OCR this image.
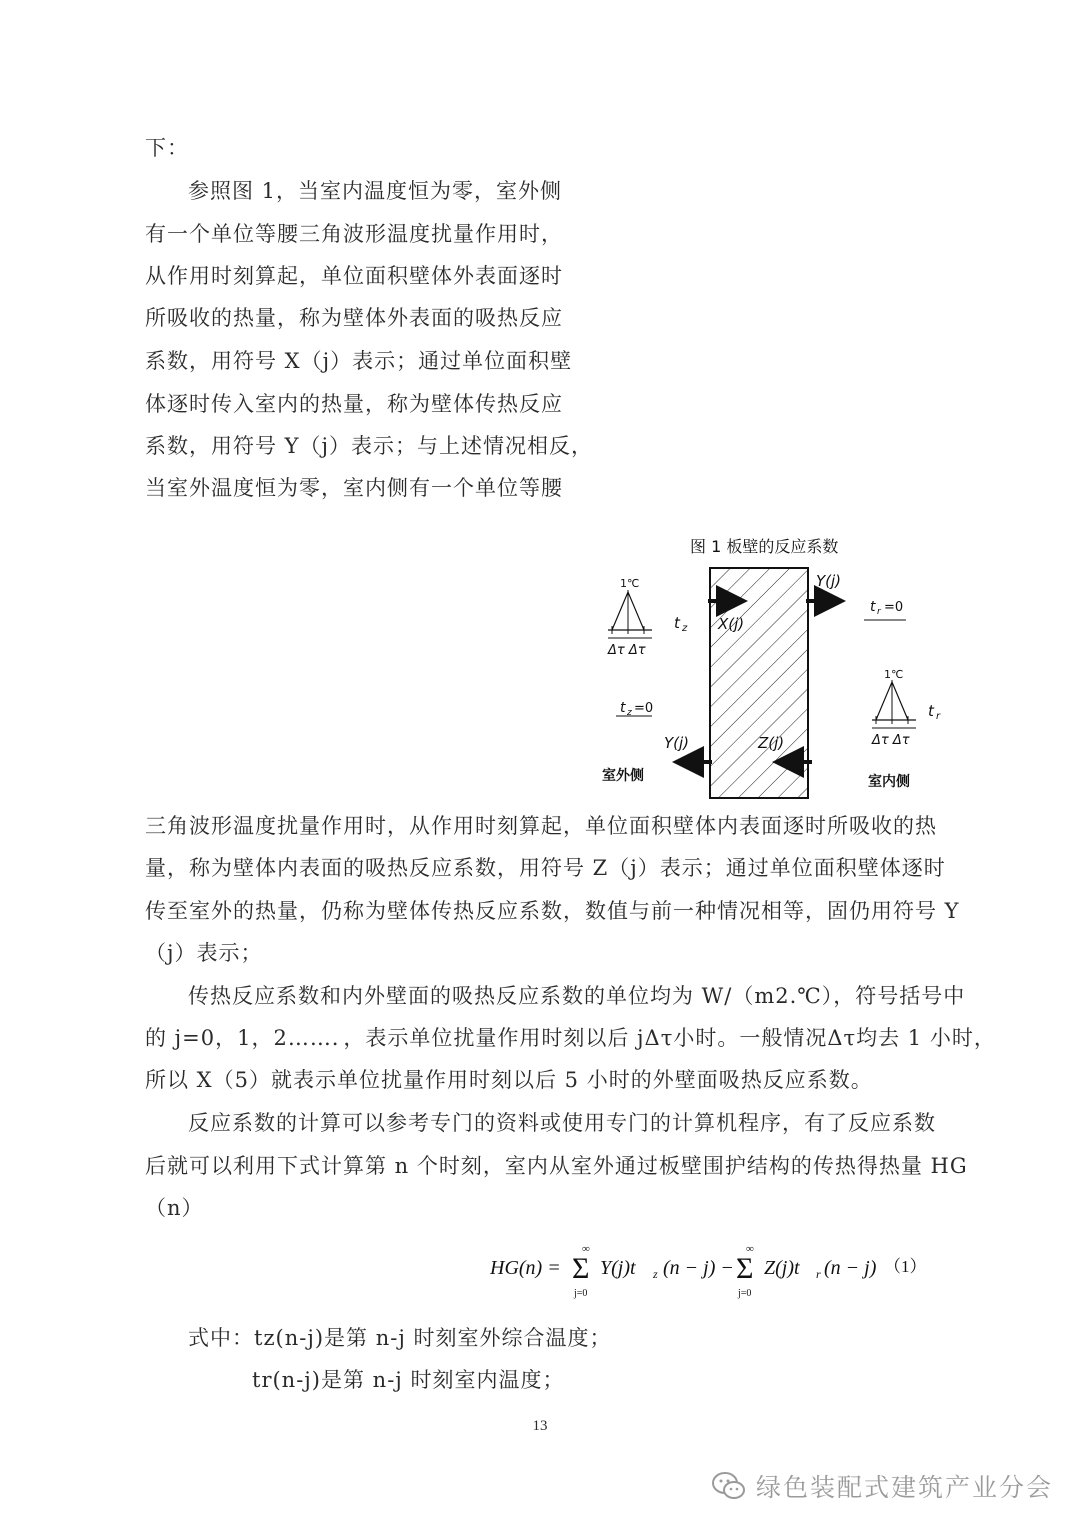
下：
参照图 1，当室内温度恒为零，室外侧
有一个单位等腰三角波形温度扰量作用时，
从作用时刻算起，单位面积壁体外表面逐时
所吸收的热量，称为壁体外表面的吸热反应
系数，用符号 X（j）表示；通过单位面积壁
体逐时传入室内的热量，称为壁体传热反应
系数，用符号 Y（j）表示；与上述情况相反，
当室外温度恒为零，室内侧有一个单位等腰
图 1 板壁的反应系数
1℃
Δτ Δτ
t z
1℃
Δτ Δτ
t r
t z =0
t r =0
X(j)
Y(j)
Z(j)
Y(j)
室外侧	室内侧
三角波形温度扰量作用时，从作用时刻算起，单位面积壁体内表面逐时所吸收的热
量，称为壁体内表面的吸热反应系数，用符号 Z（j）表示；通过单位面积壁体逐时
传至室外的热量，仍称为壁体传热反应系数，数值与前一种情况相等，固仍用符号 Y
（j）表示；
传热反应系数和内外壁面的吸热反应系数的单位均为 W/（m2.℃），符号括号中
的 j=0，1，2……．，表示单位扰量作用时刻以后 jΔτ小时。一般情况Δτ均去 1 小时，
所以 X（5）就表示单位扰量作用时刻以后 5 小时的外壁面吸热反应系数。
反应系数的计算可以参考专门的资料或使用专门的计算机程序，有了反应系数
后就可以利用下式计算第 n 个时刻，室内从室外通过板壁围护结构的传热得热量 HG
（n）
HG(n) =
∞
Σ
j=0
Y(j)t z (n − j) −
∞
Σ
j=0
Z(j)t r (n − j) （1）
式中：tz(n-j)是第 n-j 时刻室外综合温度；
tr(n-j)是第 n-j 时刻室内温度；
13
绿色装配式建筑产业分会
